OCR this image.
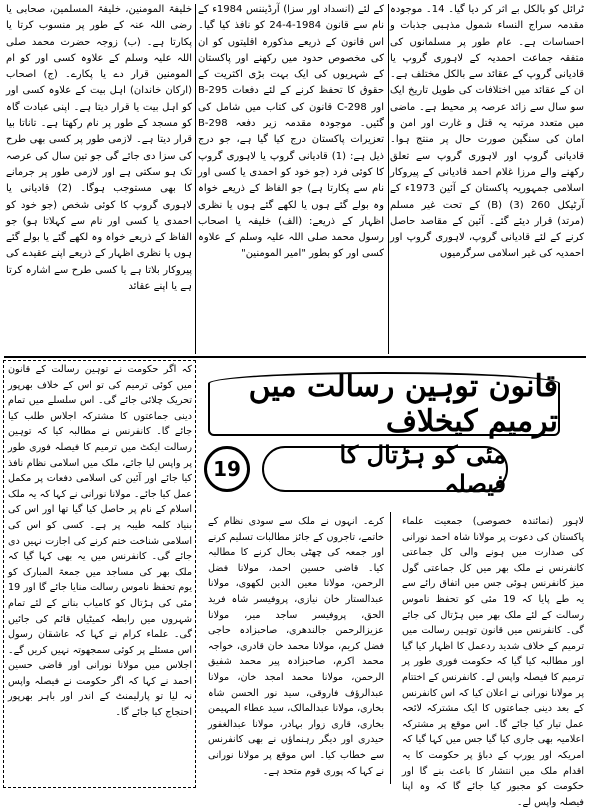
ٹرائل کو بالکل بے اثر کر دیا گیا۔ 14۔ موجودہ مقدمہ سراج النساء شمول مذہبی جذبات و احساسات ہے۔ عام طور پر مسلمانوں کی متفقہ جماعت احمدیہ کے لاہوری گروپ یا قادیانی گروپ کے عقائد سے بالکل مختلف ہے۔ ان کے عقائد میں اختلافات کی طویل تاریخ ایک سو سال سے زائد عرصہ پر محیط ہے۔ ماضی میں متعدد مرتبہ یہ قتل و غارت اور امن و امان کی سنگین صورت حال پر منتج ہوا۔ قادیانی گروپ اور لاہوری گروپ سے تعلق رکھنے والے مرزا غلام احمد قادیانی کے پیروکار اسلامی جمہوریہ پاکستان کے آئین 1973ء کے آرٹیکل 260 (3) (B) کے تحت غیر مسلم (مرتد) قرار دیئے گئے۔ آئین کے مقاصد حاصل کرنے کے لئے قادیانی گروپ، لاہوری گروپ اور احمدیہ کی غیر اسلامی سرگرمیوں

کے لئے (انسداد اور سزا) آرڈیننس 1984ء کے نام سے قانون 1984-4-24 کو نافذ کیا گیا۔ اس قانون کے ذریعے مذکورہ اقلیتوں کو ان کی مخصوص حدود میں رکھنے اور پاکستان کے شہریوں کی ایک بہت بڑی اکثریت کے حقوق کا تحفظ کرنے کے لئے دفعات 295-B اور 298-C قانون کی کتاب میں شامل کی گئیں۔ موجودہ مقدمہ زیر دفعہ 298-B تعزیرات پاکستان درج کیا گیا ہے، جو درج ذیل ہے: (1) قادیانی گروپ یا لاہوری گروپ کا کوئی فرد (جو خود کو احمدی یا کسی اور نام سے پکارتا ہے) جو الفاظ کے ذریعے خواہ وہ بولے گئے ہوں یا لکھے گئے ہوں یا نظری اظہار کے ذریعے: (الف) خلیفہ یا اصحاب رسول محمد صلی اللہ علیہ وسلم کے علاوہ کسی اور کو بطور "امیر المومنین"

خلیفۃ المومنین، خلیفۃ المسلمین، صحابی یا رضی اللہ عنہ کے طور پر منسوب کرتا یا پکارتا ہے۔ (ب) زوجہ حضرت محمد صلی اللہ علیہ وسلم کے علاوہ کسی اور کو ام المومنین قرار دے یا پکارے۔ (ج) اصحاب (ارکان خاندان) اہل بیت کے علاوہ کسی اور کو اہل بیت یا قرار دیتا ہے۔ اپنی عبادت گاہ کو مسجد کے طور پر نام رکھتا ہے۔ تاناتا بیا قرار دیتا ہے۔ لازمی طور پر کسی بھی طرح کی سزا دی جائے گی جو تین سال کی عرصہ تک ہو سکتی ہے اور لازمی طور پر جرمانے کا بھی مستوجب ہوگا۔ (2) قادیانی یا لاہوری گروپ کا کوئی شخص (جو خود کو احمدی یا کسی اور نام سے کہلاتا ہو) جو الفاظ کے ذریعے خواہ وہ لکھے گئے یا بولے گئے ہوں یا نظری اظہار کے ذریعے اپنے عقیدے کی پیروکار بلاتا ہے یا کسی طرح سے اشارہ کرتا ہے یا اپنے عقائد

قانون توہین رسالت میں ترمیم کیخلاف
مئی کو ہڑتال کا فیصلہ
19

لاہور (نمائندہ خصوصی) جمعیت علماء پاکستان کی دعوت پر مولانا شاہ احمد نورانی کی صدارت میں ہونے والی کل جماعتی کانفرنس نے ملک بھر میں کل جماعتی گول میز کانفرنس ہوئی جس میں اتفاق رائے سے یہ طے پایا کہ 19 مئی کو تحفظ ناموس رسالت کے لئے ملک بھر میں ہڑتال کی جائے گی۔ کانفرنس میں قانون توہین رسالت میں ترمیم کے خلاف شدید ردعمل کا اظہار کیا گیا اور مطالبہ کیا گیا کہ حکومت فوری طور پر ترمیم کا فیصلہ واپس لے۔ کانفرنس کے اختتام پر مولانا نورانی نے اعلان کیا کہ اس کانفرنس کے بعد دینی جماعتوں کا ایک مشترکہ لائحہ عمل تیار کیا جائے گا۔ اس موقع پر مشترکہ اعلامیہ بھی جاری کیا گیا جس میں کہا گیا کہ امریکہ اور یورپ کے دباؤ پر حکومت کا یہ اقدام ملک میں انتشار کا باعث بنے گا اور حکومت کو مجبور کیا جائے گا کہ وہ اپنا فیصلہ واپس لے۔

کرے۔ انہوں نے ملک سے سودی نظام کے خاتمے، تاجروں کے جائز مطالبات تسلیم کرنے اور جمعہ کی چھٹی بحال کرنے کا مطالبہ کیا۔ قاضی حسین احمد، مولانا فضل الرحمن، مولانا معین الدین لکھوی، مولانا عبدالستار خان نیازی، پروفیسر شاہ فرید الحق، پروفیسر ساجد میر، مولانا عزیزالرحمن جالندھری، صاحبزادہ حاجی فضل کریم، مولانا محمد خان قادری، خواجہ محمد اکرم، صاحبزادہ پیر محمد شفیق الرحمن، مولانا محمد امجد خان، مولانا عبدالرؤف فاروقی، سید نور الحسن شاہ بخاری، مولانا عبدالمالک، سید عطاء المہیمن بخاری، قاری زوار بہادر، مولانا عبدالغفور حیدری اور دیگر رہنماؤں نے بھی کانفرنس سے خطاب کیا۔ اس موقع پر مولانا نورانی نے کہا کہ پوری قوم متحد ہے۔

کہ اگر حکومت نے توہین رسالت کے قانون میں کوئی ترمیم کی تو اس کے خلاف بھرپور تحریک چلائی جائے گی۔ اس سلسلے میں تمام دینی جماعتوں کا مشترکہ اجلاس طلب کیا جائے گا۔ کانفرنس نے مطالبہ کیا کہ توہین رسالت ایکٹ میں ترمیم کا فیصلہ فوری طور پر واپس لیا جائے، ملک میں اسلامی نظام نافذ کیا جائے اور آئین کی اسلامی دفعات پر مکمل عمل کیا جائے۔ مولانا نورانی نے کہا کہ یہ ملک اسلام کے نام پر حاصل کیا گیا تھا اور اس کی بنیاد کلمہ طیبہ پر ہے۔ کسی کو اس کی اسلامی شناخت ختم کرنے کی اجازت نہیں دی جائے گی۔ کانفرنس میں یہ بھی کہا گیا کہ ملک بھر کی مساجد میں جمعۃ المبارک کو یوم تحفظ ناموس رسالت منایا جائے گا اور 19 مئی کی ہڑتال کو کامیاب بنانے کے لئے تمام شہروں میں رابطہ کمیٹیاں قائم کی جائیں گی۔ علماء کرام نے کہا کہ عاشقان رسول اس مسئلے پر کوئی سمجھوتہ نہیں کریں گے۔ اجلاس میں مولانا نورانی اور قاضی حسین احمد نے کہا کہ اگر حکومت نے فیصلہ واپس نہ لیا تو پارلیمنٹ کے اندر اور باہر بھرپور احتجاج کیا جائے گا۔
